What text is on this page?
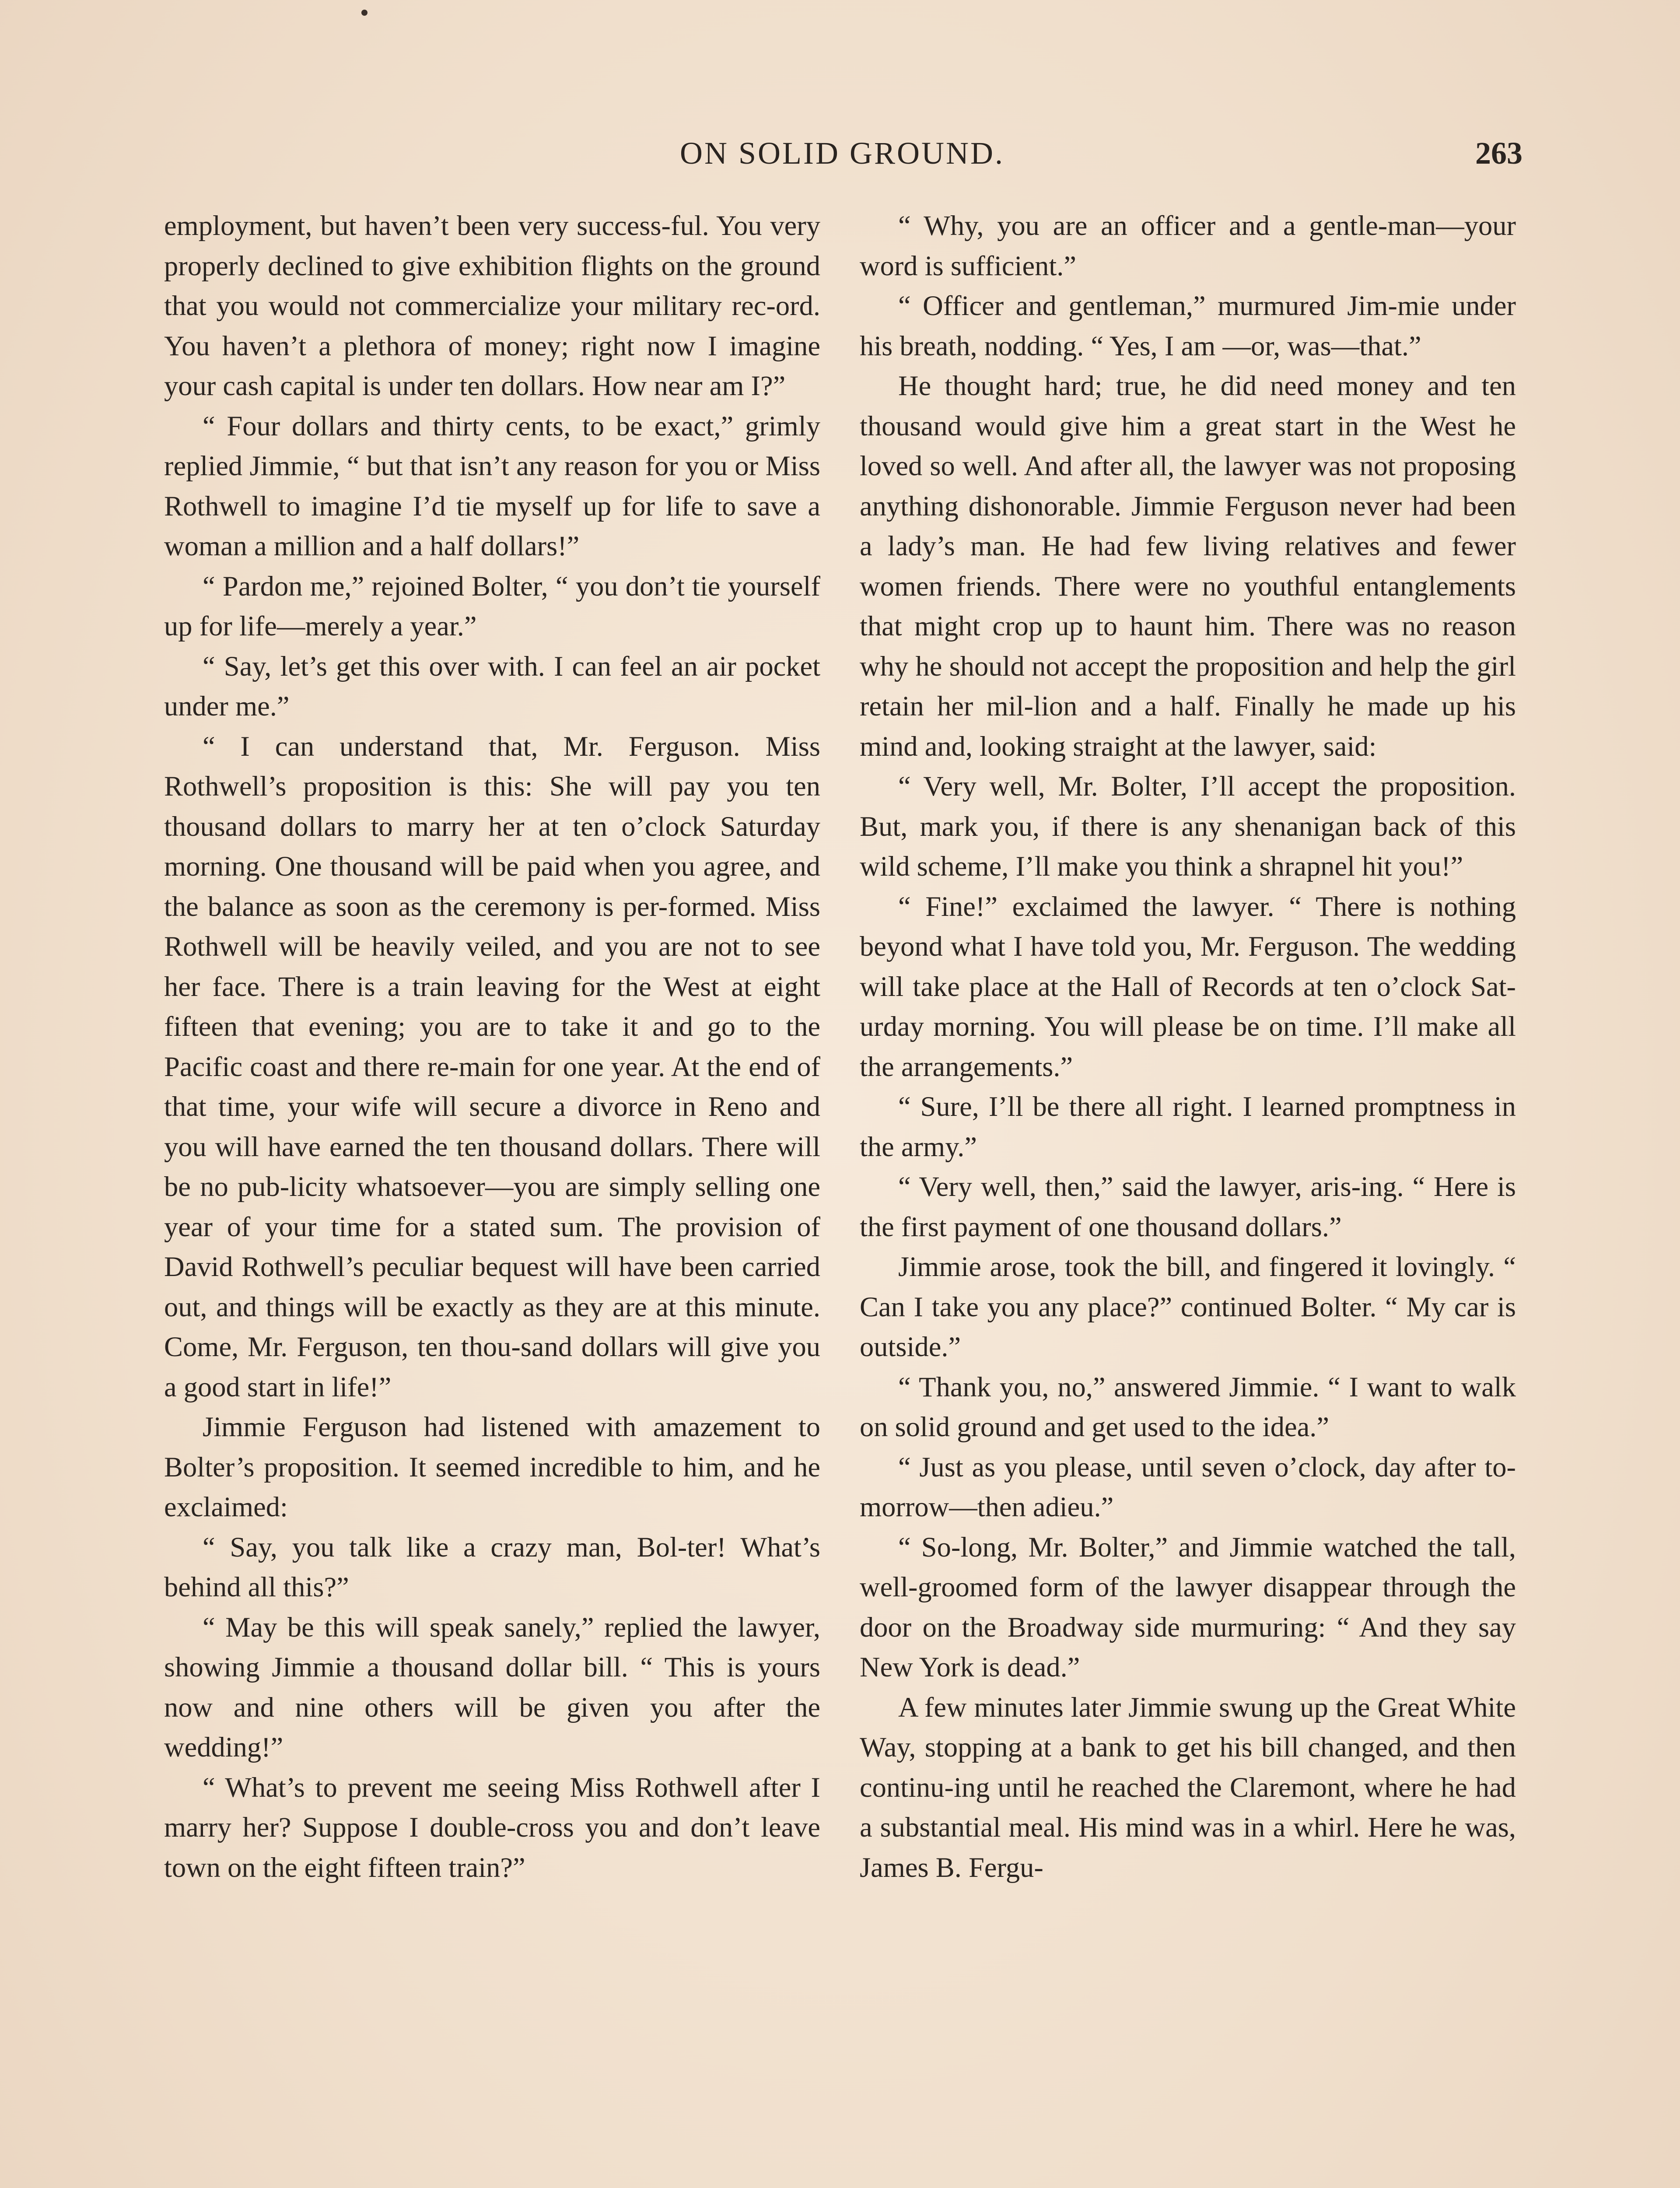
ON SOLID GROUND.	263

employment, but haven’t been very success-ful. You very properly declined to give exhibition flights on the ground that you would not commercialize your military rec-ord. You haven’t a plethora of money; right now I imagine your cash capital is under ten dollars. How near am I?”

“ Four dollars and thirty cents, to be exact,” grimly replied Jimmie, “ but that isn’t any reason for you or Miss Rothwell to imagine I’d tie myself up for life to save a woman a million and a half dollars!”

“ Pardon me,” rejoined Bolter, “ you don’t tie yourself up for life—merely a year.”

“ Say, let’s get this over with. I can feel an air pocket under me.”

“ I can understand that, Mr. Ferguson. Miss Rothwell’s proposition is this: She will pay you ten thousand dollars to marry her at ten o’clock Saturday morning. One thousand will be paid when you agree, and the balance as soon as the ceremony is per-formed. Miss Rothwell will be heavily veiled, and you are not to see her face. There is a train leaving for the West at eight fifteen that evening; you are to take it and go to the Pacific coast and there re-main for one year. At the end of that time, your wife will secure a divorce in Reno and you will have earned the ten thousand dollars. There will be no pub-licity whatsoever—you are simply selling one year of your time for a stated sum. The provision of David Rothwell’s peculiar bequest will have been carried out, and things will be exactly as they are at this minute. Come, Mr. Ferguson, ten thou-sand dollars will give you a good start in life!”

Jimmie Ferguson had listened with amazement to Bolter’s proposition. It seemed incredible to him, and he exclaimed:

“ Say, you talk like a crazy man, Bol-ter! What’s behind all this?”

“ May be this will speak sanely,” replied the lawyer, showing Jimmie a thousand dollar bill. “ This is yours now and nine others will be given you after the wedding!”

“ What’s to prevent me seeing Miss Rothwell after I marry her? Suppose I double-cross you and don’t leave town on the eight fifteen train?”

“ Why, you are an officer and a gentle-man—your word is sufficient.”

“ Officer and gentleman,” murmured Jim-mie under his breath, nodding. “ Yes, I am —or, was—that.”

He thought hard; true, he did need money and ten thousand would give him a great start in the West he loved so well. And after all, the lawyer was not proposing anything dishonorable. Jimmie Ferguson never had been a lady’s man. He had few living relatives and fewer women friends. There were no youthful entanglements that might crop up to haunt him. There was no reason why he should not accept the proposition and help the girl retain her mil-lion and a half. Finally he made up his mind and, looking straight at the lawyer, said:

“ Very well, Mr. Bolter, I’ll accept the proposition. But, mark you, if there is any shenanigan back of this wild scheme, I’ll make you think a shrapnel hit you!”

“ Fine!” exclaimed the lawyer. “ There is nothing beyond what I have told you, Mr. Ferguson. The wedding will take place at the Hall of Records at ten o’clock Sat-urday morning. You will please be on time. I’ll make all the arrangements.”

“ Sure, I’ll be there all right. I learned promptness in the army.”

“ Very well, then,” said the lawyer, aris-ing. “ Here is the first payment of one thousand dollars.”

Jimmie arose, took the bill, and fingered it lovingly. “ Can I take you any place?” continued Bolter. “ My car is outside.”

“ Thank you, no,” answered Jimmie. “ I want to walk on solid ground and get used to the idea.”

“ Just as you please, until seven o’clock, day after to-morrow—then adieu.”

“ So-long, Mr. Bolter,” and Jimmie watched the tall, well-groomed form of the lawyer disappear through the door on the Broadway side murmuring: “ And they say New York is dead.”

A few minutes later Jimmie swung up the Great White Way, stopping at a bank to get his bill changed, and then continu-ing until he reached the Claremont, where he had a substantial meal. His mind was in a whirl. Here he was, James B. Fergu-
